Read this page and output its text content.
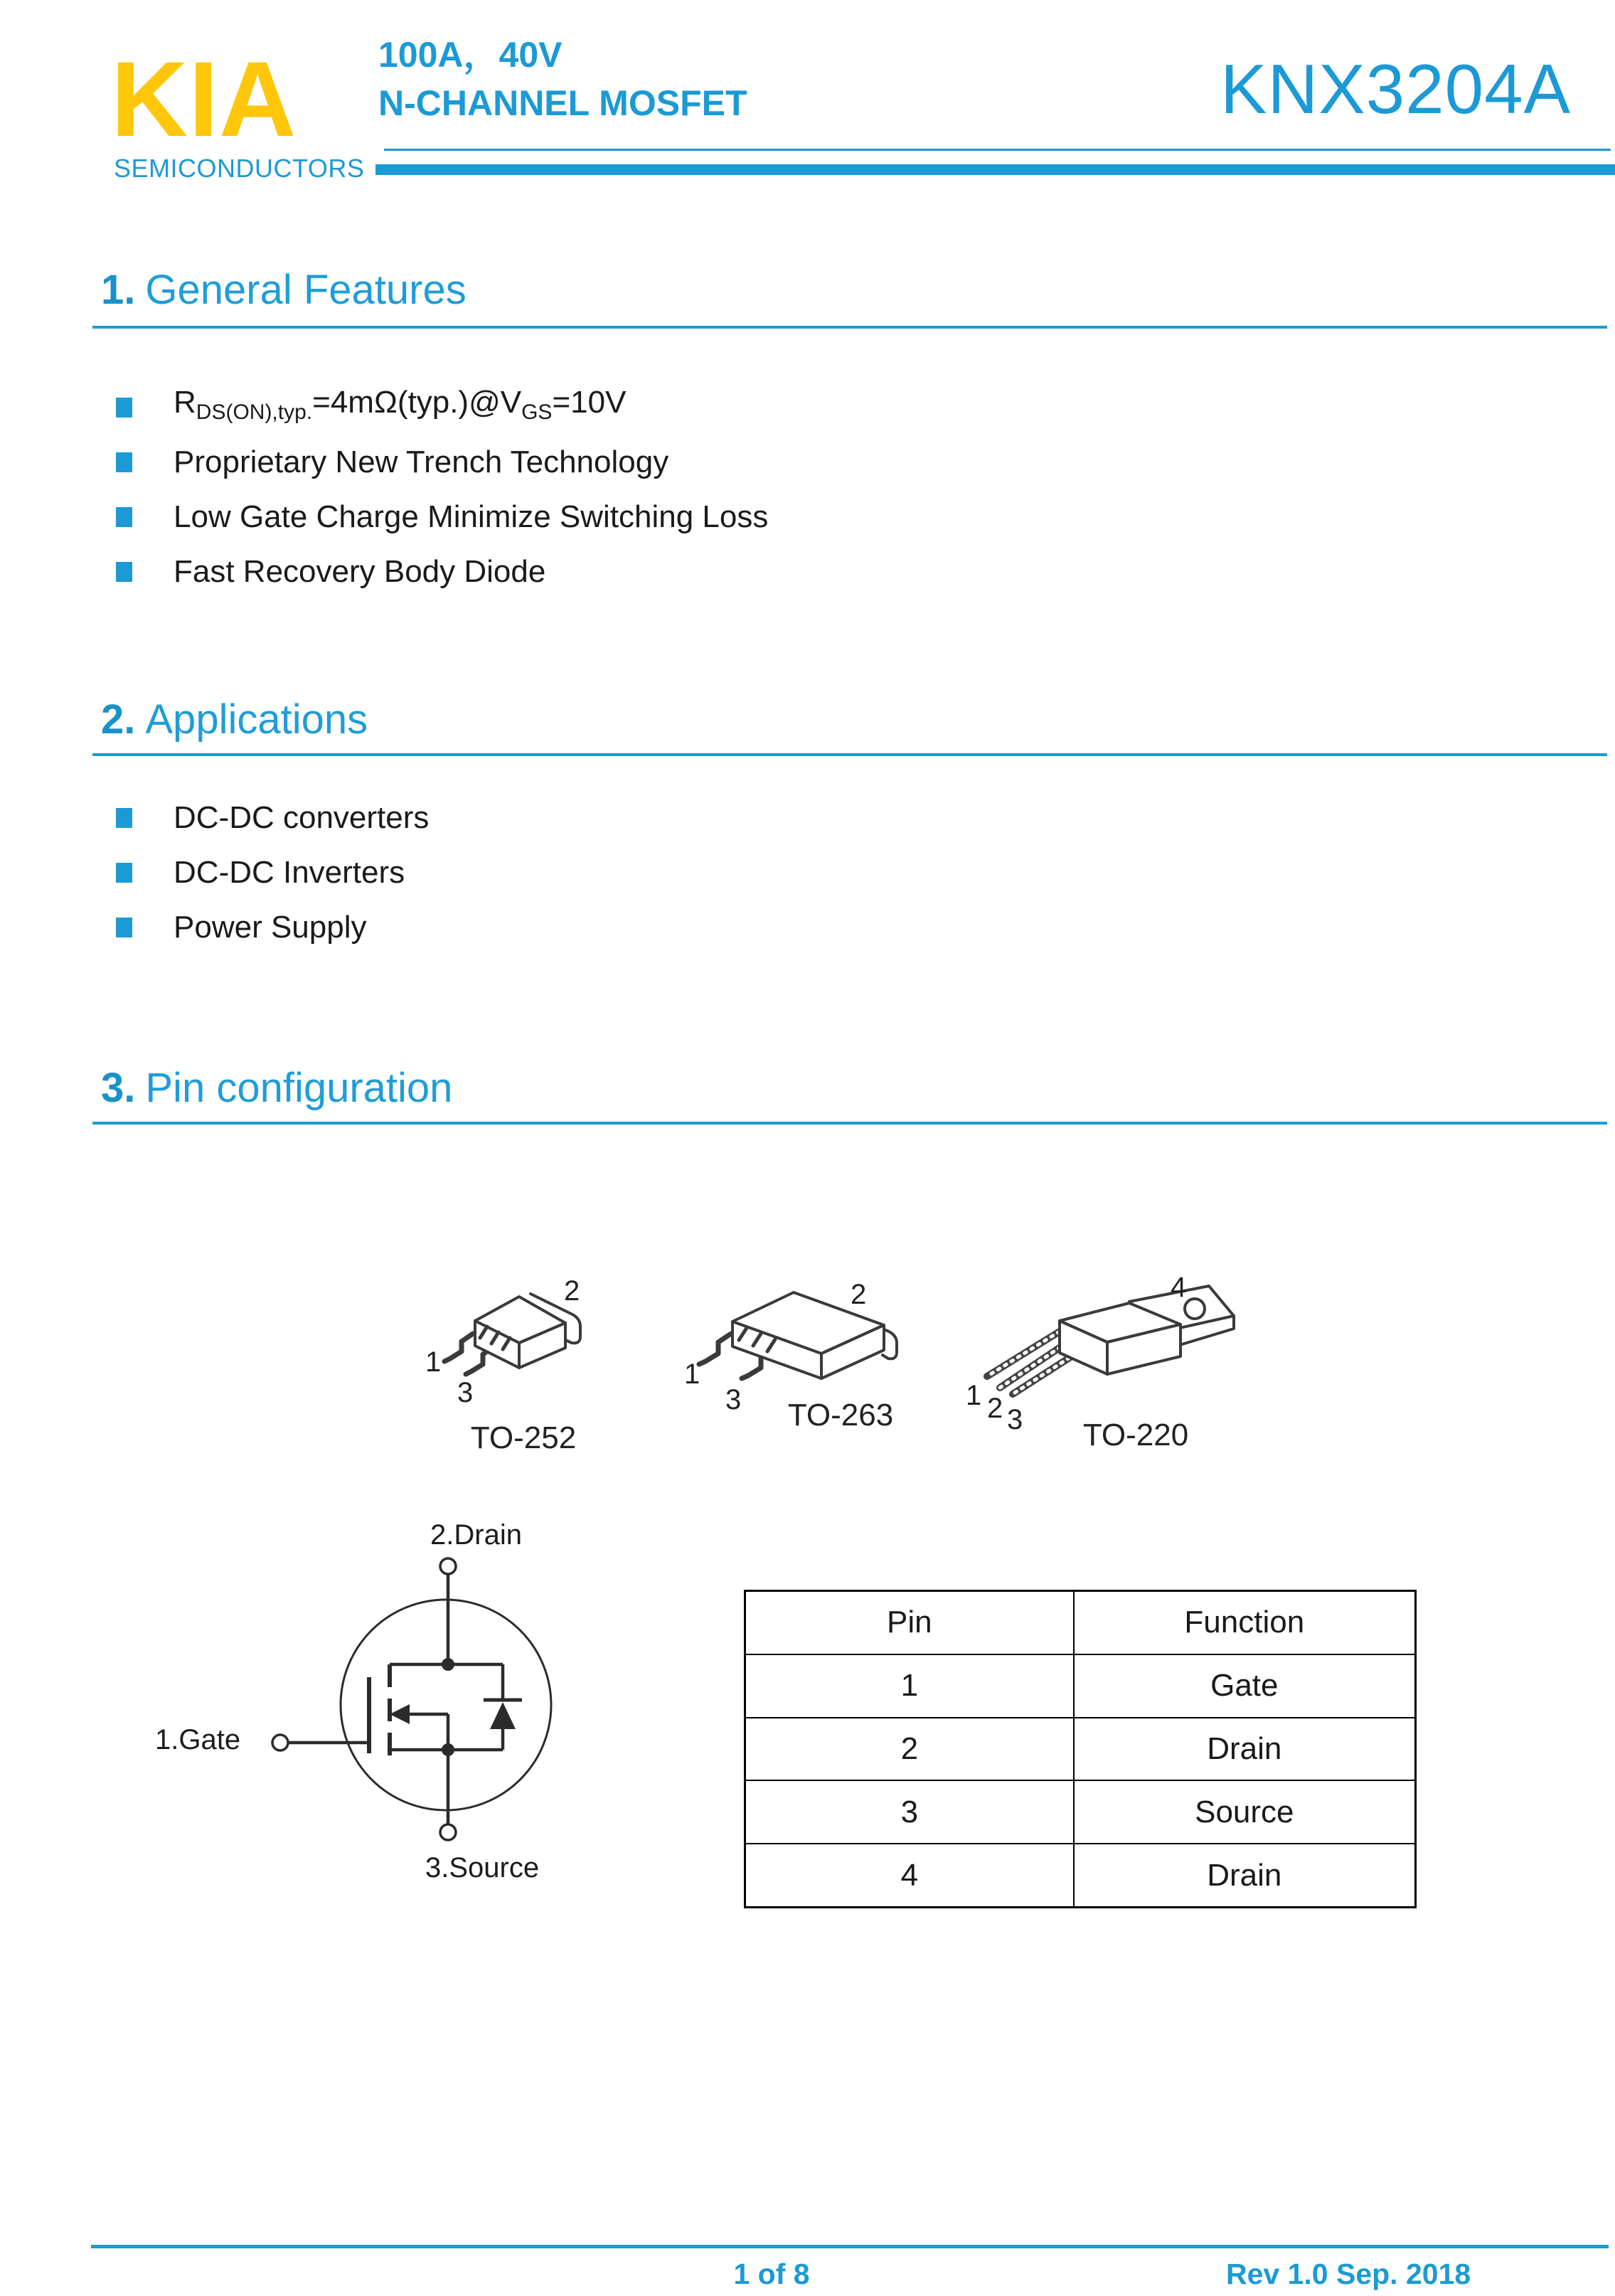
KIA
SEMICONDUCTORS
100A，40V
N-CHANNEL MOSFET	KNX3204A
1. General Features
$R_{DS(ON),typ.}=4m\Omega(typ.)@V_{GS}=10V$
Proprietary New Trench Technology
Low Gate Charge Minimize Switching Loss
Fast Recovery Body Diode
2. Applications
DC-DC converters
DC-DC Inverters
Power Supply
3. Pin configuration
1
2
3
TO-252
1
2
3	TO-263
4
1 2 3	TO-220
2.Drain
1.Gate
3.Source
Pin	Function
1	Gate
2	Drain
3	Source
4	Drain
1 of 8	Rev 1.0 Sep. 2018
